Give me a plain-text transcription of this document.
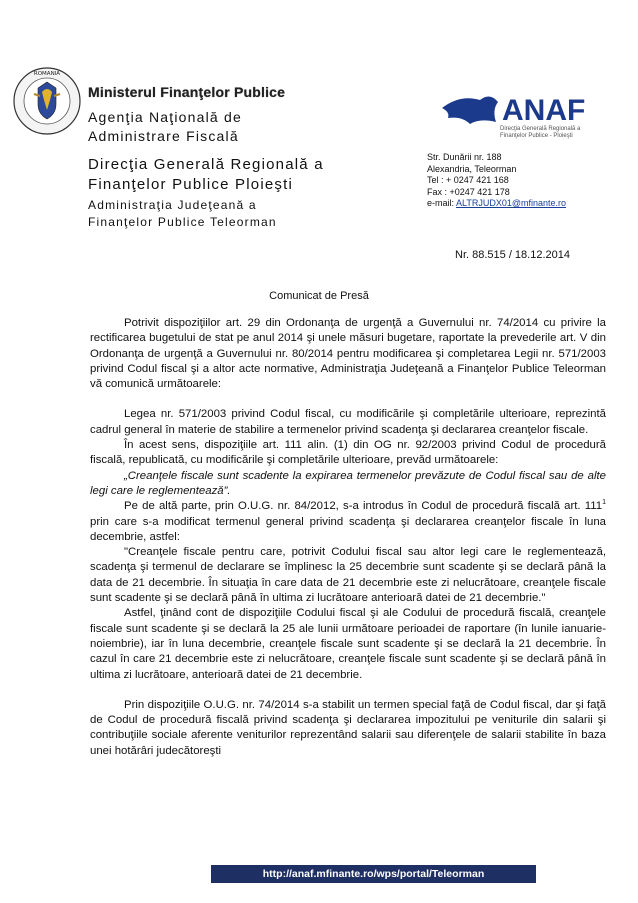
ROMANIA
Ministerul Finanţelor Publice
Agenţia Naţională de
Administrare Fiscală
Direcţia Generală Regională a
Finanţelor Publice Ploieşti
Administraţia Judeţeană a
Finanţelor Publice Teleorman
ANAF
Direcţia Generală Regională a
Finanţelor Publice - Ploieşti
Str. Dunării nr. 188
Alexandria, Teleorman
Tel : + 0247 421 168
Fax : +0247 421 178
e-mail: ALTRJUDX01@mfinante.ro
Nr. 88.515 / 18.12.2014
Comunicat de Presă

Potrivit dispoziţiilor art. 29 din Ordonanţa de urgenţă a Guvernului nr. 74/2014 cu privire la rectificarea bugetului de stat pe anul 2014 şi unele măsuri bugetare, raportate la prevederile art. V din Ordonanţa de urgenţă a Guvernului nr. 80/2014 pentru modificarea şi completarea Legii nr. 571/2003 privind Codul fiscal şi a altor acte normative, Administraţia Judeţeană a Finanţelor Publice Teleorman vă comunică următoarele:

Legea nr. 571/2003 privind Codul fiscal, cu modificările şi completările ulterioare, reprezintă cadrul general în materie de stabilire a termenelor privind scadenţa şi declararea creanţelor fiscale.

În acest sens, dispoziţiile art. 111 alin. (1) din OG nr. 92/2003 privind Codul de procedură fiscală, republicată, cu modificările şi completările ulterioare, prevăd următoarele:

„Creanţele fiscale sunt scadente la expirarea termenelor prevăzute de Codul fiscal sau de alte legi care le reglementează”.

Pe de altă parte, prin O.U.G. nr. 84/2012, s-a introdus în Codul de procedură fiscală art. $111^1$ prin care s-a modificat termenul general privind scadenţa şi declararea creanţelor fiscale în luna decembrie, astfel:

"Creanţele fiscale pentru care, potrivit Codului fiscal sau altor legi care le reglementează, scadenţa şi termenul de declarare se împlinesc la 25 decembrie sunt scadente şi se declară până la data de 21 decembrie. În situaţia în care data de 21 decembrie este zi nelucrătoare, creanţele fiscale sunt scadente şi se declară până în ultima zi lucrătoare anterioară datei de 21 decembrie."

Astfel, ţinând cont de dispoziţiile Codului fiscal şi ale Codului de procedură fiscală, creanţele fiscale sunt scadente şi se declară la 25 ale lunii următoare perioadei de raportare (în lunile ianuarie-noiembrie), iar în luna decembrie, creanţele fiscale sunt scadente şi se declară la 21 decembrie. În cazul în care 21 decembrie este zi nelucrătoare, creanţele fiscale sunt scadente şi se declară până în ultima zi lucrătoare, anterioară datei de 21 decembrie.

Prin dispoziţiile O.U.G. nr. 74/2014 s-a stabilit un termen special faţă de Codul fiscal, dar şi faţă de Codul de procedură fiscală privind scadenţa şi declararea impozitului pe veniturile din salarii şi contribuţiile sociale aferente veniturilor reprezentând salarii sau diferenţele de salarii stabilite în baza unei hotărâri judecătoreşti

http://anaf.mfinante.ro/wps/portal/Teleorman
